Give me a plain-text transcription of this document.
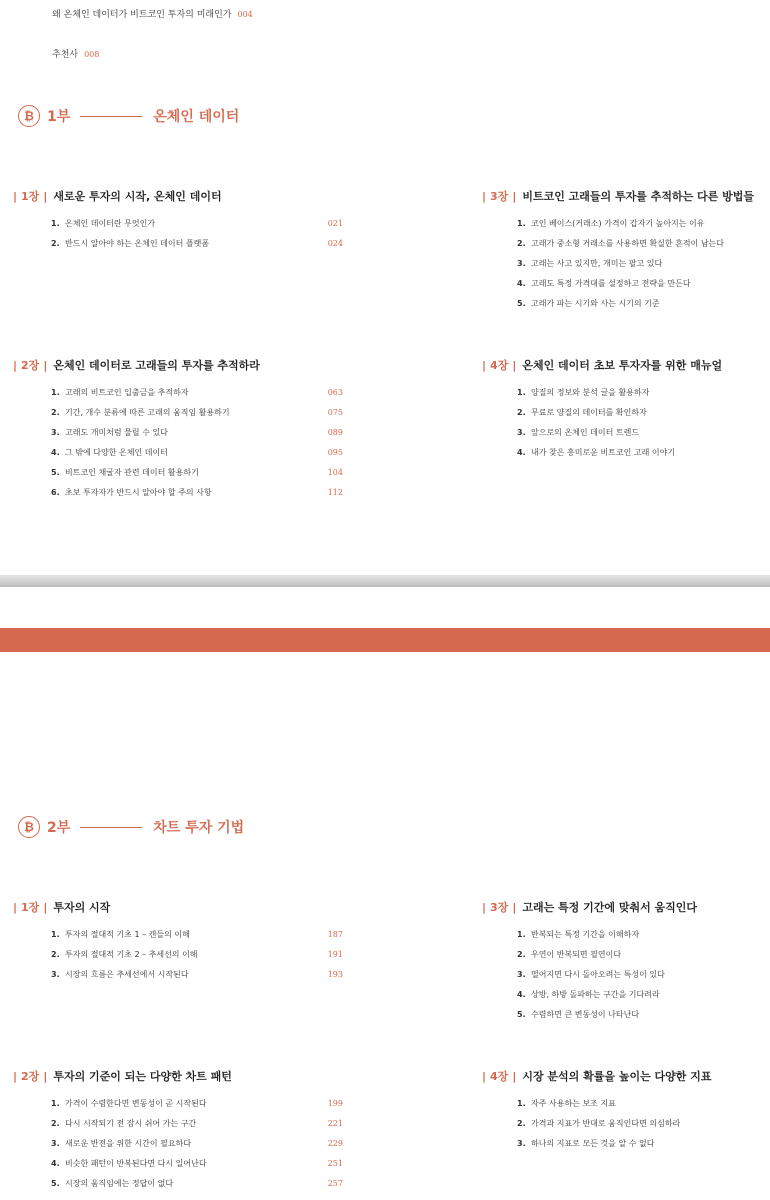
왜 온체인 데이터가 비트코인 투자의 미래인가 004
추천사 008
₿ 1부	온체인 데이터
| 1장 | 새로운 투자의 시작, 온체인 데이터
1. 온체인 데이터란 무엇인가	021
2. 반드시 알아야 하는 온체인 데이터 플랫폼	024
| 2장 | 온체인 데이터로 고래들의 투자를 추적하라
1. 고래의 비트코인 입출금을 추적하자	063
2. 기간, 개수 분류에 따른 고래의 움직임 활용하기	075
3. 고래도 개미처럼 물릴 수 있다	089
4. 그 밖에 다양한 온체인 데이터	095
5. 비트코인 채굴자 관련 데이터 활용하기	104
6. 초보 투자자가 반드시 알아야 할 주의 사항	112
| 3장 | 비트코인 고래들의 투자를 추적하는 다른 방법들
1. 코인 베이스(거래소) 가격이 갑자기 높아지는 이유
2. 고래가 중소형 거래소를 사용하면 확실한 흔적이 남는다
3. 고래는 사고 있지만, 개미는 팔고 있다
4. 고래도 특정 가격대를 설정하고 전략을 만든다
5. 고래가 파는 시기와 사는 시기의 기준
| 4장 | 온체인 데이터 초보 투자자를 위한 매뉴얼
1. 양질의 정보와 분석 글을 활용하자
2. 무료로 양질의 데이터를 확인하자
3. 앞으로의 온체인 데이터 트렌드
4. 내가 찾은 흥미로운 비트코인 고래 이야기
₿ 2부	차트 투자 기법
| 1장 | 투자의 시작
1. 투자의 절대적 기초 1 – 캔들의 이해	187
2. 투자의 절대적 기초 2 – 추세선의 이해	191
3. 시장의 흐름은 추세선에서 시작된다	193
| 2장 | 투자의 기준이 되는 다양한 차트 패턴
1. 가격이 수렴한다면 변동성이 곧 시작된다	199
2. 다시 시작되기 전 잠시 쉬어 가는 구간	221
3. 새로운 반전을 위한 시간이 필요하다	229
4. 비슷한 패턴이 반복된다면 다시 일어난다	251
5. 시장의 움직임에는 정답이 없다	257
| 3장 | 고래는 특정 기간에 맞춰서 움직인다
1. 반복되는 특정 기간을 이해하자
2. 우연이 반복되면 필연이다
3. 떨어지면 다시 돌아오려는 특성이 있다
4. 상방, 하방 돌파하는 구간을 기다려라
5. 수렴하면 큰 변동성이 나타난다
| 4장 | 시장 분석의 확률을 높이는 다양한 지표
1. 자주 사용하는 보조 지표
2. 가격과 지표가 반대로 움직인다면 의심하라
3. 하나의 지표로 모든 것을 알 수 없다
